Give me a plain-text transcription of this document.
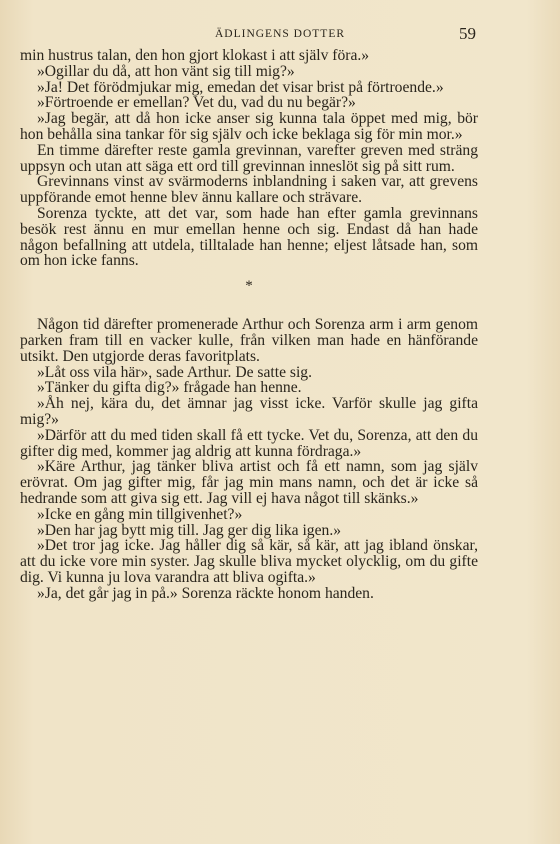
ÄDLINGENS DOTTER	59

min hustrus talan, den hon gjort klokast i att själv föra.»

»Ogillar du då, att hon vänt sig till mig?»

»Ja! Det förödmjukar mig, emedan det visar brist på förtroende.»

»Förtroende er emellan? Vet du, vad du nu begär?»

»Jag begär, att då hon icke anser sig kunna tala öppet med mig, bör hon behålla sina tankar för sig själv och icke beklaga sig för min mor.»

En timme därefter reste gamla grevinnan, varefter greven med sträng uppsyn och utan att säga ett ord till grevinnan inneslöt sig på sitt rum.

Grevinnans vinst av svärmoderns inblandning i saken var, att grevens uppförande emot henne blev ännu kallare och strävare.

Sorenza tyckte, att det var, som hade han efter gamla grevinnans besök rest ännu en mur emellan henne och sig. Endast då han hade någon befallning att utdela, tilltalade han henne; eljest låtsade han, som om hon icke fanns.

*

Någon tid därefter promenerade Arthur och Sorenza arm i arm genom parken fram till en vacker kulle, från vilken man hade en hänförande utsikt. Den utgjorde deras favoritplats.

»Låt oss vila här», sade Arthur. De satte sig.

»Tänker du gifta dig?» frågade han henne.

»Åh nej, kära du, det ämnar jag visst icke. Varför skulle jag gifta mig?»

»Därför att du med tiden skall få ett tycke. Vet du, Sorenza, att den du gifter dig med, kommer jag aldrig att kunna fördraga.»

»Käre Arthur, jag tänker bliva artist och få ett namn, som jag själv erövrat. Om jag gifter mig, får jag min mans namn, och det är icke så hedrande som att giva sig ett. Jag vill ej hava något till skänks.»

»Icke en gång min tillgivenhet?»

»Den har jag bytt mig till. Jag ger dig lika igen.»

»Det tror jag icke. Jag håller dig så kär, så kär, att jag ibland önskar, att du icke vore min syster. Jag skulle bliva mycket olycklig, om du gifte dig. Vi kunna ju lova varandra att bliva ogifta.»

»Ja, det går jag in på.» Sorenza räckte honom handen.
